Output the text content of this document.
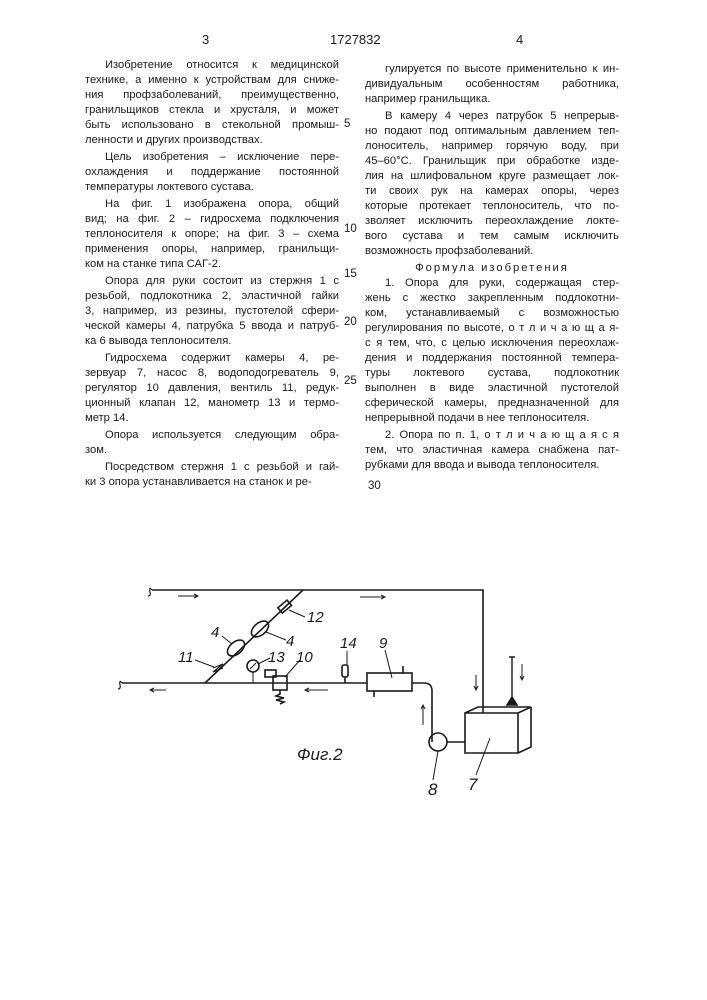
3	1727832	4
Изобретение относится к медицинской
технике, а именно к устройствам для сниже-
ния профзаболеваний, преимущественно,
гранильщиков стекла и хрусталя, и может
быть использовано в стекольной промыш-
ленности и других производствах.
Цель изобретения – исключение пере-
охлаждения и поддержание постоянной
температуры локтевого сустава.
На фиг. 1 изображена опора, общий
вид; на фиг. 2 – гидросхема подключения
теплоносителя к опоре; на фиг. 3 – схема
применения опоры, например, гранильщи-
ком на станке типа САГ-2.
Опора для руки состоит из стержня 1 с
резьбой, подлокотника 2, эластичной гайки
3, например, из резины, пустотелой сфери-
ческой камеры 4, патрубка 5 ввода и патруб-
ка 6 вывода теплоносителя.
Гидросхема содержит камеры 4, ре-
зервуар 7, насос 8, водоподогреватель 9,
регулятор 10 давления, вентиль 11, редук-
ционный клапан 12, манометр 13 и термо-
метр 14.
Опора используется следующим обра-
зом.
Посредством стержня 1 с резьбой и гай-
ки 3 опора устанавливается на станок и ре-
гулируется по высоте применительно к ин-
дивидуальным особенностям работника,
например гранильщика.
В камеру 4 через патрубок 5 непрерыв-
но подают под оптимальным давлением теп-
лоноситель, например горячую воду, при
45–60°С. Гранильщик при обработке изде-
лия на шлифовальном круге размещает лок-
ти своих рук на камерах опоры, через
которые протекает теплоноситель, что по-
зволяет исключить переохлаждение локте-
вого сустава и тем самым исключить
возможность профзаболеваний.
Формула изобретения
1. Опора для руки, содержащая стер-
жень с жестко закрепленным подлокотни-
ком, устанавливаемый с возможностью
регулирования по высоте, о т л и ч а ю щ а я-
с я тем, что, с целью исключения переохлаж-
дения и поддержания постоянной темпера-
туры локтевого сустава, подлокотник
выполнен в виде эластичной пустотелой
сферической камеры, предназначенной для
непрерывной подачи в нее теплоносителя.
2. Опора по п. 1, о т л и ч а ю щ а я с я
тем, что эластичная камера снабжена пат-
рубками для ввода и вывода теплоносителя.
5
10
15
20
25
30
12
4
4	14 9
11	13 10
Фиг.2
8 7
